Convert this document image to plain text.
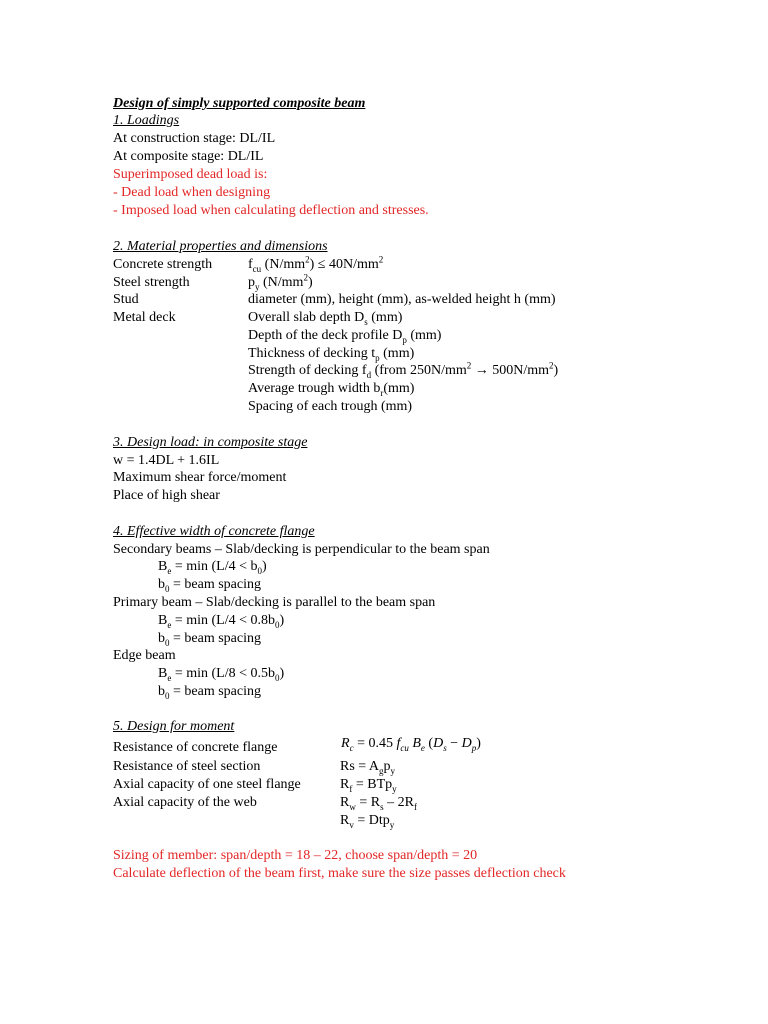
Design of simply supported composite beam
1. Loadings
At construction stage: DL/IL
At composite stage: DL/IL
Superimposed dead load is:
- Dead load when designing
- Imposed load when calculating deflection and stresses.
2. Material properties and dimensions
Concrete strength	$f_{cu}$ $(N/mm^2) \le 40N/mm^2$
Steel strength	$p_y$ $(N/mm^2)$
Stud	diameter (mm), height (mm), as-welded height h (mm)
Metal deck	Overall slab depth $D_s$ (mm)
Depth of the deck profile $D_p$ (mm)
Thickness of decking $t_p$ (mm)
Strength of decking $f_d$ (from $250N/mm^2 \to 500N/mm^2$)
Average trough width $b_r(mm)$
Spacing of each trough (mm)
3. Design load: in composite stage
w = 1.4DL + 1.6IL
Maximum shear force/moment
Place of high shear
4. Effective width of concrete flange
Secondary beams – Slab/decking is perpendicular to the beam span
$B_e = \min (L/4 < b_0)$
$b_0$ = beam spacing
Primary beam – Slab/decking is parallel to the beam span
$B_e = \min (L/4 < 0.8b_0)$
$b_0$ = beam spacing
Edge beam
$B_e = \min (L/8 < 0.5b_0)$
$b_0$ = beam spacing
5. Design for moment
Resistance of concrete flange	$R_c = 0.45$ $f_{cu}$ $B_e$ $(D_s - D_p)$
Resistance of steel section	$Rs = A_gp_y$
Axial capacity of one steel flange	$R_f = BTp_y$
Axial capacity of the web	$R_w = R_s - 2R_f$
$R_v = Dtp_y$
Sizing of member: span/depth = 18 – 22, choose span/depth = 20
Calculate deflection of the beam first, make sure the size passes deflection check
